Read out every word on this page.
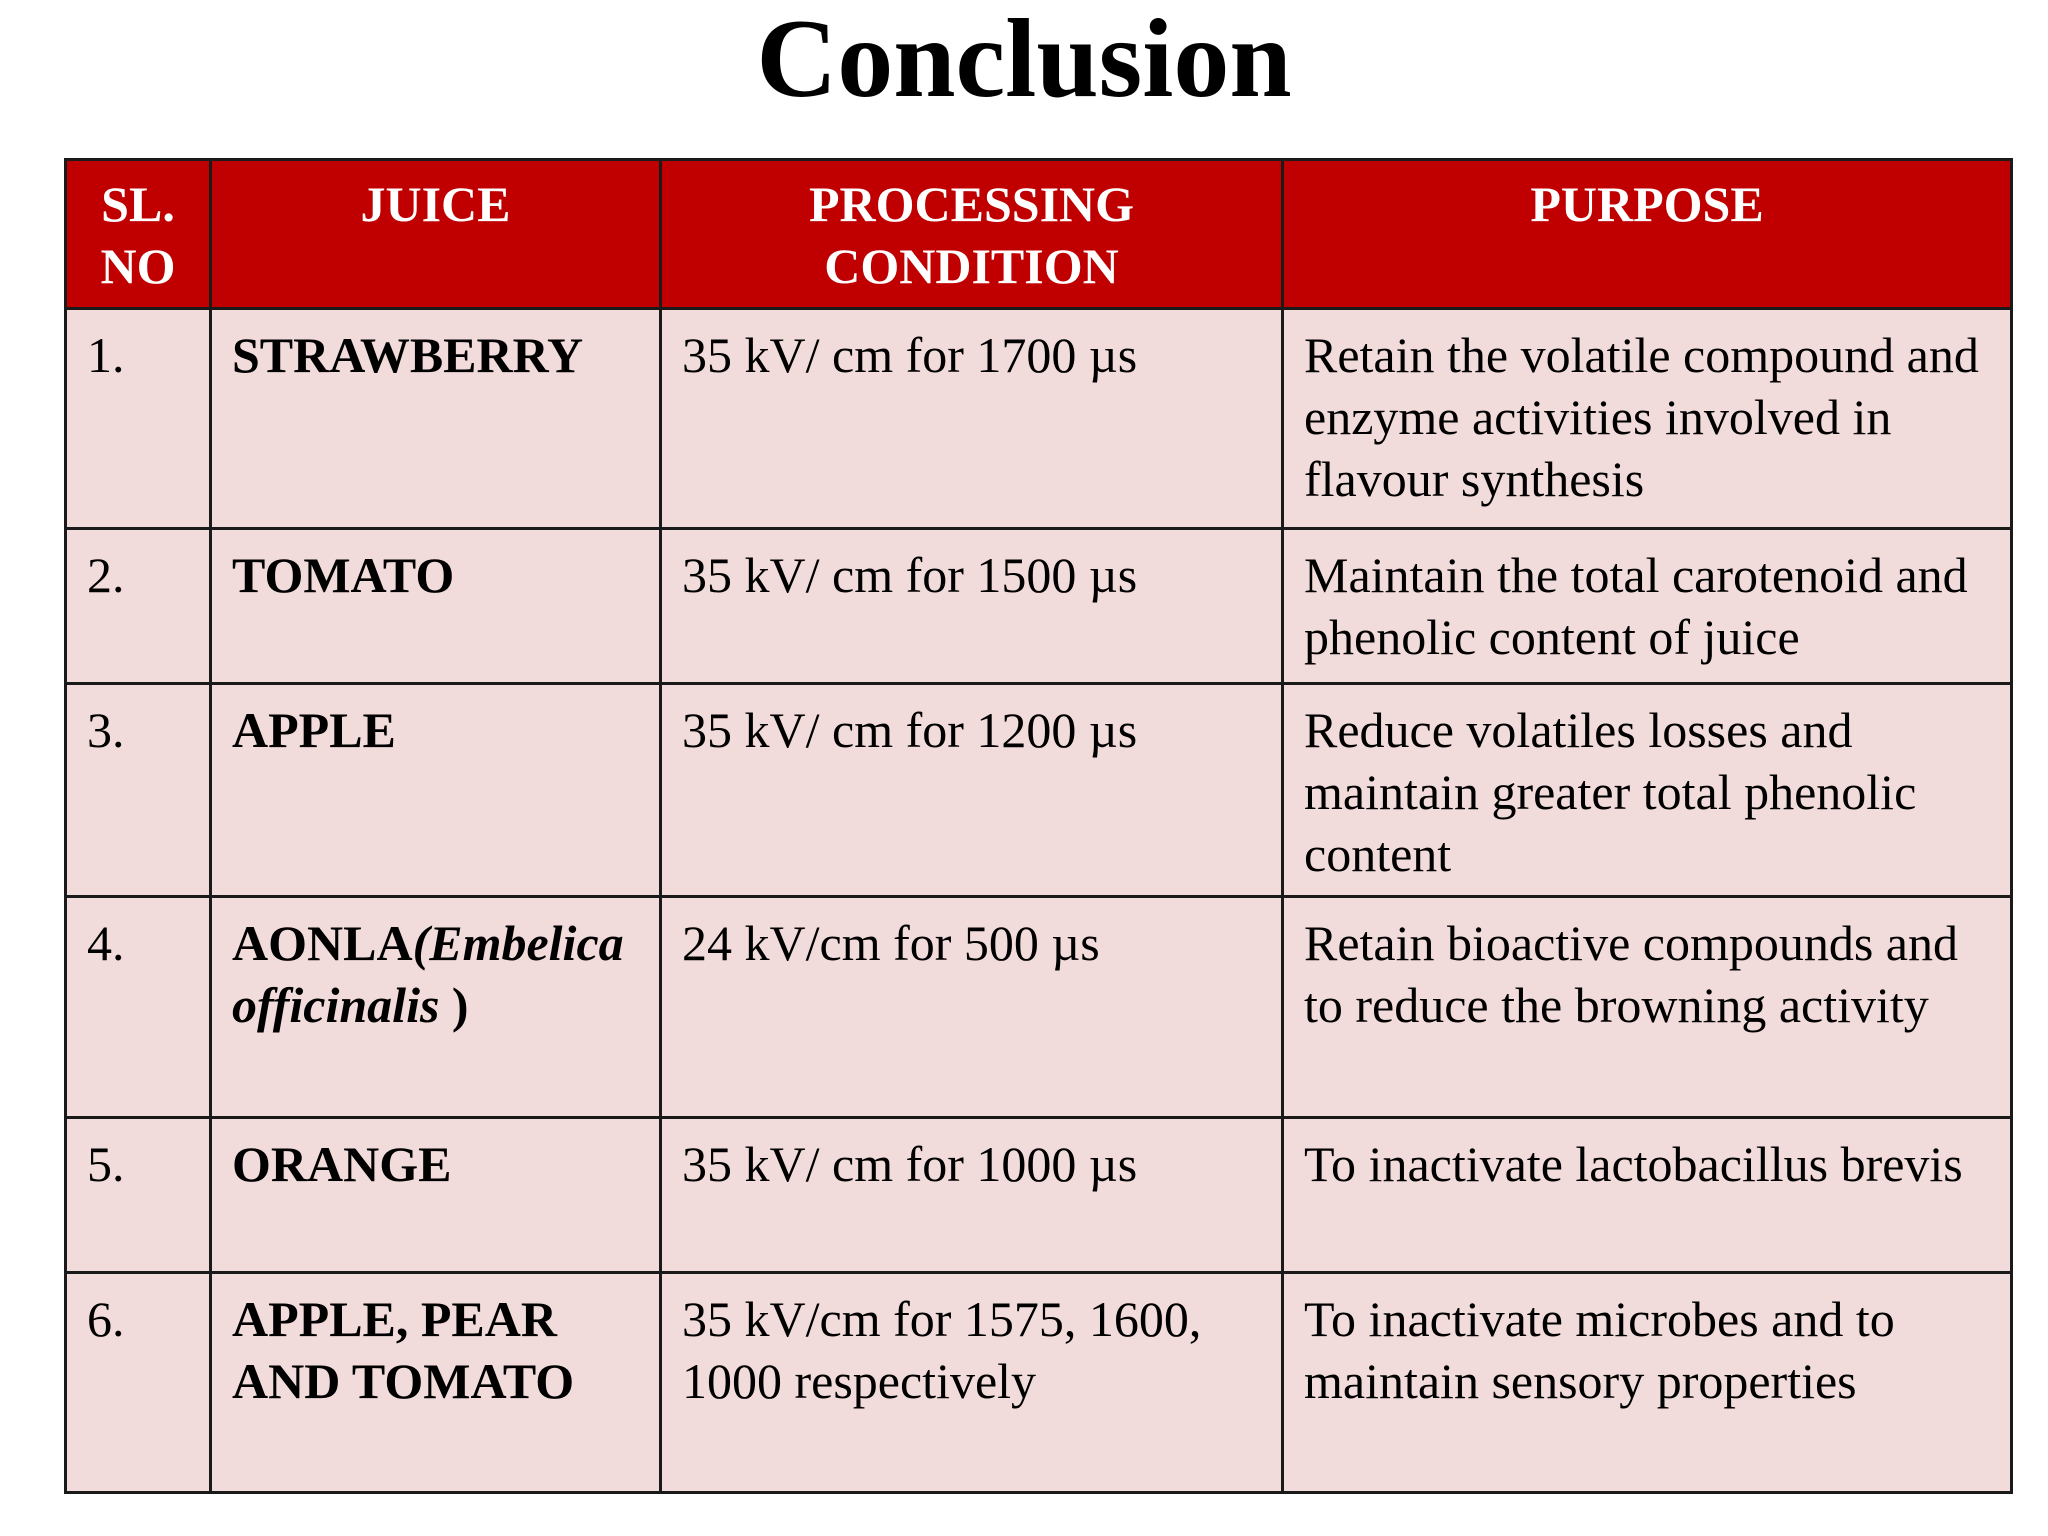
Conclusion
SL. NO	JUICE	PROCESSING CONDITION	PURPOSE
1.	STRAWBERRY	35 kV/ cm for 1700 µs	Retain the volatile compound and enzyme activities involved in flavour synthesis
2.	TOMATO	35 kV/ cm for 1500 µs	Maintain the total carotenoid and phenolic content of juice
3.	APPLE	35 kV/ cm for 1200 µs	Reduce volatiles losses and maintain greater total phenolic content
4.	AONLA(Embelica officinalis )	24 kV/cm for 500 µs	Retain bioactive compounds and to reduce the browning activity
5.	ORANGE	35 kV/ cm for 1000 µs	To inactivate lactobacillus brevis
6.	APPLE, PEAR AND TOMATO	35 kV/cm for 1575, 1600, 1000 respectively	To inactivate microbes and to maintain sensory properties
